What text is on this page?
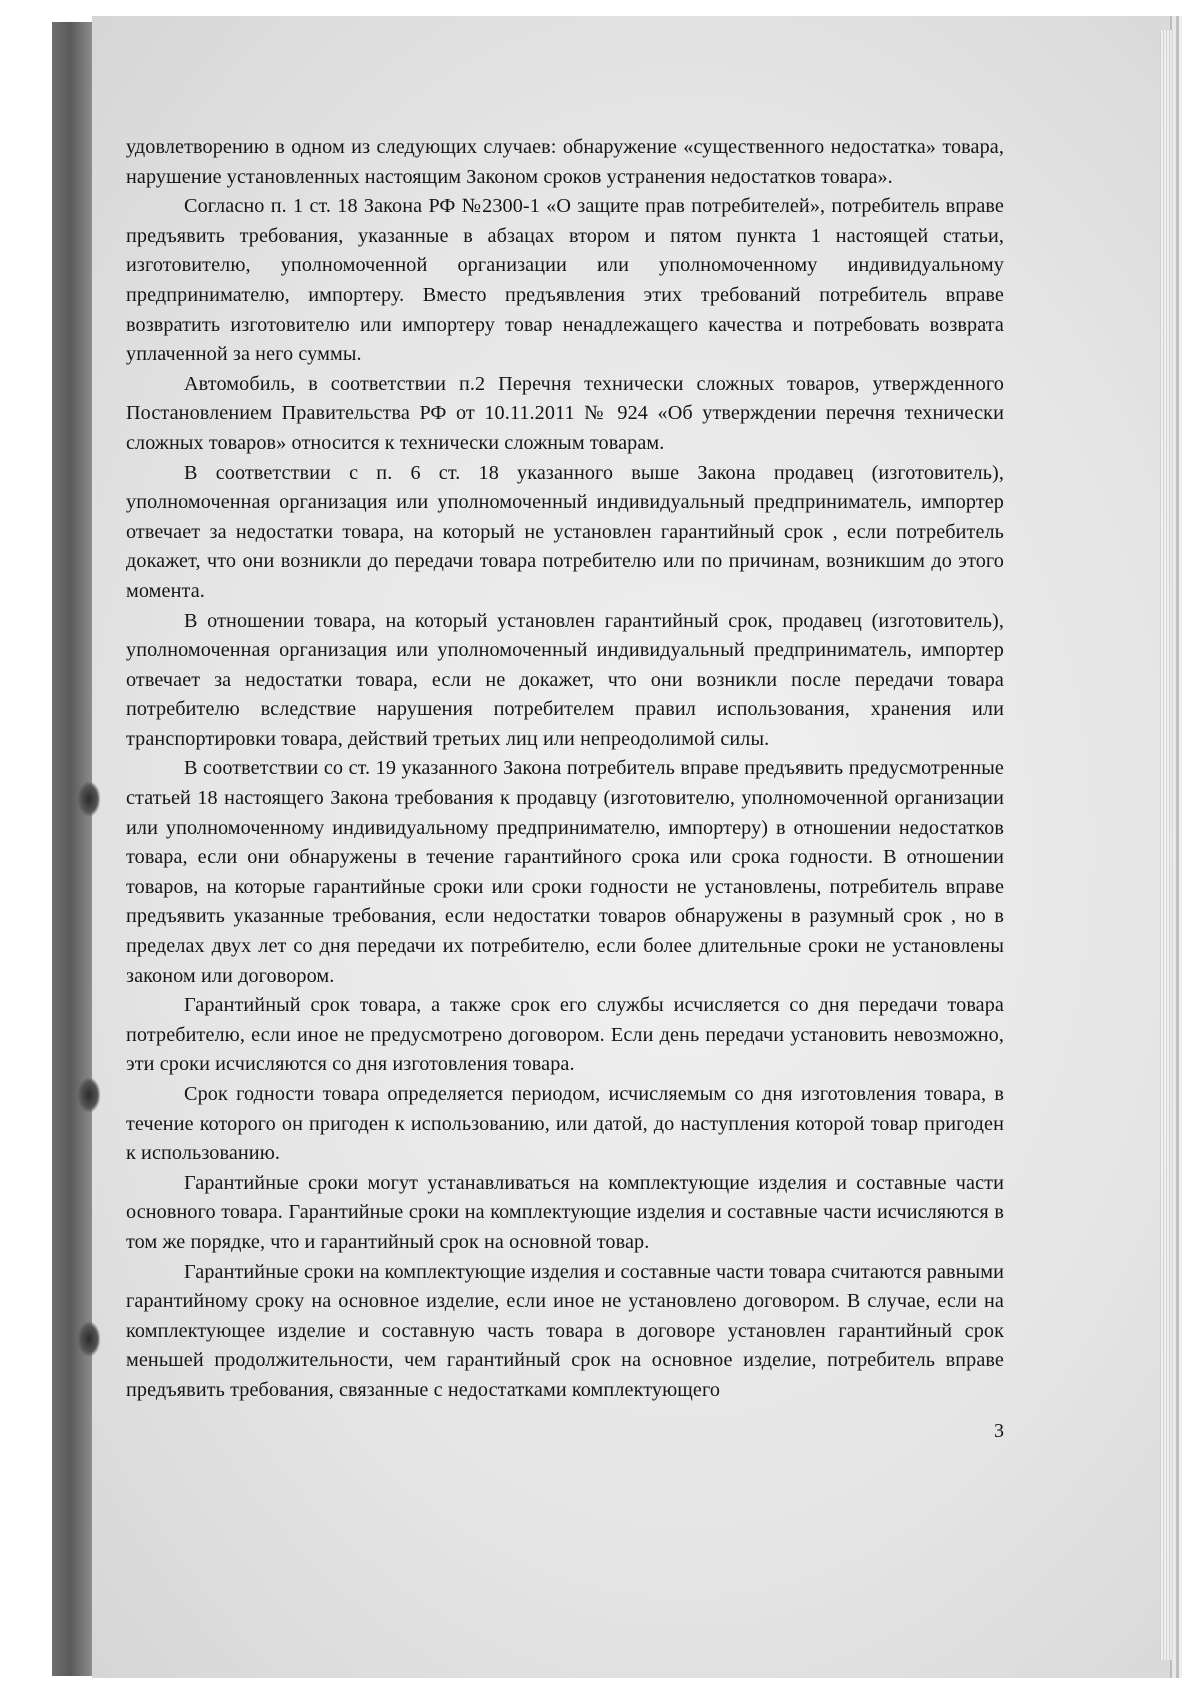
удовлетворению в одном из следующих случаев: обнаружение «существенного недостатка» товара, нарушение установленных настоящим Законом сроков устранения недостатков товара».

Согласно п. 1 ст. 18 Закона РФ №2300-1 «О защите прав потребителей», потребитель вправе предъявить требования, указанные в абзацах втором и пятом пункта 1 настоящей статьи, изготовителю, уполномоченной организации или уполномоченному индивидуальному предпринимателю, импортеру. Вместо предъявления этих требований потребитель вправе возвратить изготовителю или импортеру товар ненадлежащего качества и потребовать возврата уплаченной за него суммы.

Автомобиль, в соответствии п.2 Перечня технически сложных товаров, утвержденного Постановлением Правительства РФ от 10.11.2011 № 924 «Об утверждении перечня технически сложных товаров» относится к технически сложным товарам.

В соответствии с п. 6 ст. 18 указанного выше Закона продавец (изготовитель), уполномоченная организация или уполномоченный индивидуальный предприниматель, импортер отвечает за недостатки товара, на который не установлен гарантийный срок , если потребитель докажет, что они возникли до передачи товара потребителю или по причинам, возникшим до этого момента.

В отношении товара, на который установлен гарантийный срок, продавец (изготовитель), уполномоченная организация или уполномоченный индивидуальный предприниматель, импортер отвечает за недостатки товара, если не докажет, что они возникли после передачи товара потребителю вследствие нарушения потребителем правил использования, хранения или транспортировки товара, действий третьих лиц или непреодолимой силы.

В соответствии со ст. 19 указанного Закона потребитель вправе предъявить предусмотренные статьей 18 настоящего Закона требования к продавцу (изготовителю, уполномоченной организации или уполномоченному индивидуальному предпринимателю, импортеру) в отношении недостатков товара, если они обнаружены в течение гарантийного срока или срока годности. В отношении товаров, на которые гарантийные сроки или сроки годности не установлены, потребитель вправе предъявить указанные требования, если недостатки товаров обнаружены в разумный срок , но в пределах двух лет со дня передачи их потребителю, если более длительные сроки не установлены законом или договором.

Гарантийный срок товара, а также срок его службы исчисляется со дня передачи товара потребителю, если иное не предусмотрено договором. Если день передачи установить невозможно, эти сроки исчисляются со дня изготовления товара.

Срок годности товара определяется периодом, исчисляемым со дня изготовления товара, в течение которого он пригоден к использованию, или датой, до наступления которой товар пригоден к использованию.

Гарантийные сроки могут устанавливаться на комплектующие изделия и составные части основного товара. Гарантийные сроки на комплектующие изделия и составные части исчисляются в том же порядке, что и гарантийный срок на основной товар.

Гарантийные сроки на комплектующие изделия и составные части товара считаются равными гарантийному сроку на основное изделие, если иное не установлено договором. В случае, если на комплектующее изделие и составную часть товара в договоре установлен гарантийный срок меньшей продолжительности, чем гарантийный срок на основное изделие, потребитель вправе предъявить требования, связанные с недостатками комплектующего

3
